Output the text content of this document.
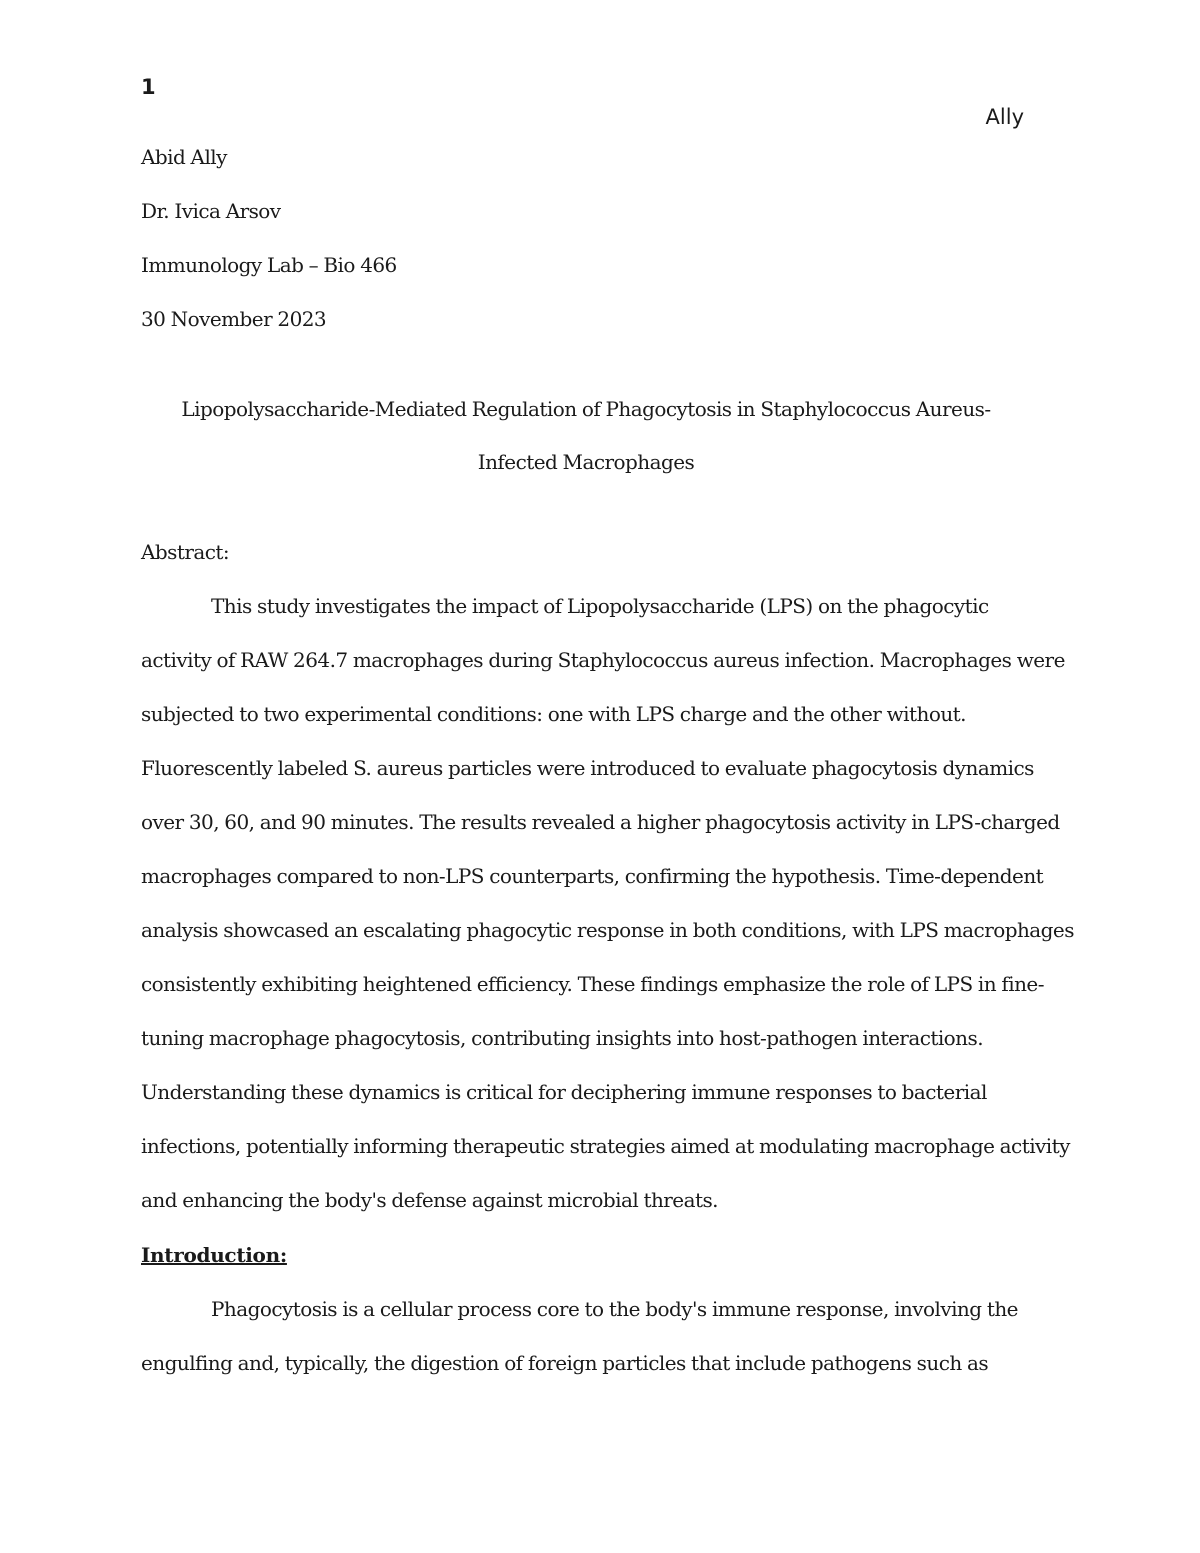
1
Ally
Abid Ally
Dr. Ivica Arsov
Immunology Lab – Bio 466
30 November 2023
Lipopolysaccharide-Mediated Regulation of Phagocytosis in Staphylococcus Aureus-
Infected Macrophages
Abstract:
This study investigates the impact of Lipopolysaccharide (LPS) on the phagocytic
activity of RAW 264.7 macrophages during Staphylococcus aureus infection. Macrophages were
subjected to two experimental conditions: one with LPS charge and the other without.
Fluorescently labeled S. aureus particles were introduced to evaluate phagocytosis dynamics
over 30, 60, and 90 minutes. The results revealed a higher phagocytosis activity in LPS-charged
macrophages compared to non-LPS counterparts, confirming the hypothesis. Time-dependent
analysis showcased an escalating phagocytic response in both conditions, with LPS macrophages
consistently exhibiting heightened efficiency. These findings emphasize the role of LPS in fine-
tuning macrophage phagocytosis, contributing insights into host-pathogen interactions.
Understanding these dynamics is critical for deciphering immune responses to bacterial
infections, potentially informing therapeutic strategies aimed at modulating macrophage activity
and enhancing the body's defense against microbial threats.
Introduction:
Phagocytosis is a cellular process core to the body's immune response, involving the
engulfing and, typically, the digestion of foreign particles that include pathogens such as
